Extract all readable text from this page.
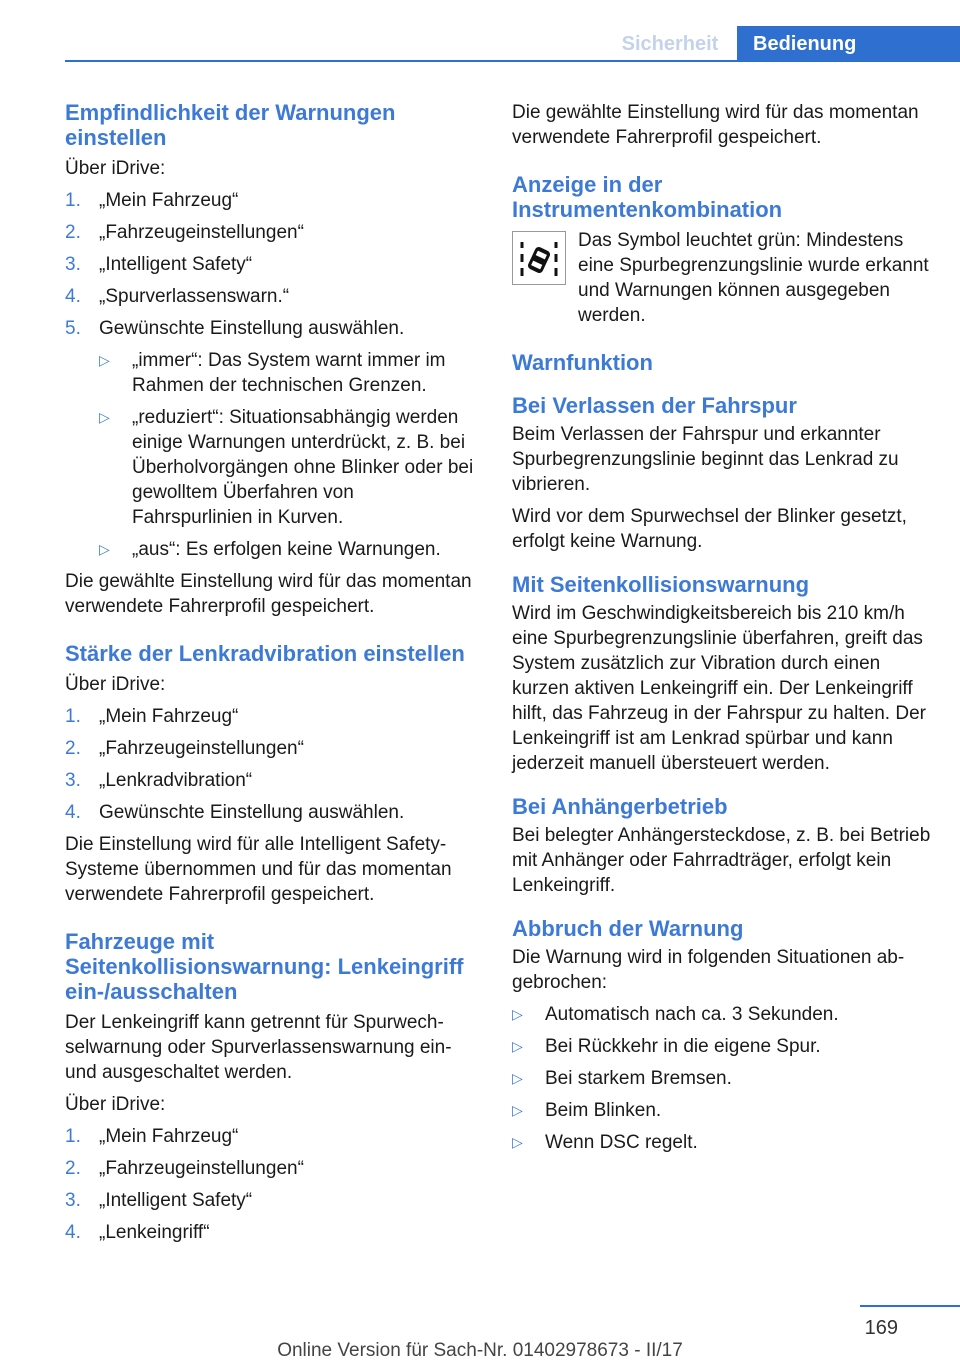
Sicherheit	Bedienung
Empfindlichkeit der Warnungen einstellen

Über iDrive:

1. „Mein Fahrzeug“
2. „Fahrzeugeinstellungen“
3. „Intelligent Safety“
4. „Spurverlassenswarn.“
5. Gewünschte Einstellung auswählen.
▷	„immer“: Das System warnt immer im Rahmen der technischen Grenzen.
▷	„reduziert“: Situationsabhängig werden einige Warnungen unterdrückt, z. B. bei Überholvorgängen ohne Blinker oder bei gewolltem Überfahren von Fahrspurlinien in Kurven.
▷	„aus“: Es erfolgen keine Warnungen.

Die gewählte Einstellung wird für das momentan verwendete Fahrerprofil gespeichert.

Stärke der Lenkradvibration einstellen

Über iDrive:

1. „Mein Fahrzeug“
2. „Fahrzeugeinstellungen“
3. „Lenkradvibration“
4. Gewünschte Einstellung auswählen.

Die Einstellung wird für alle Intelligent Safety-Systeme übernommen und für das momentan verwendete Fahrerprofil gespeichert.

Fahrzeuge mit Seitenkollisionswarnung: Lenkeingriff ein-/ausschalten

Der Lenkeingriff kann getrennt für Spurwechselwarnung oder Spurverlassenswarnung ein- und ausgeschaltet werden.

Über iDrive:

1. „Mein Fahrzeug“
2. „Fahrzeugeinstellungen“
3. „Intelligent Safety“
4. „Lenkeingriff“

Die gewählte Einstellung wird für das momentan verwendete Fahrerprofil gespeichert.

Anzeige in der Instrumentenkombination
Das Symbol leuchtet grün: Mindestens eine Spurbegrenzungslinie wurde erkannt und Warnungen können ausgegeben werden.
Warnfunktion
Bei Verlassen der Fahrspur

Beim Verlassen der Fahrspur und erkannter Spurbegrenzungslinie beginnt das Lenkrad zu vibrieren.

Wird vor dem Spurwechsel der Blinker gesetzt, erfolgt keine Warnung.

Mit Seitenkollisionswarnung

Wird im Geschwindigkeitsbereich bis 210 km/h eine Spurbegrenzungslinie überfahren, greift das System zusätzlich zur Vibration durch einen kurzen aktiven Lenkeingriff ein. Der Lenkeingriff hilft, das Fahrzeug in der Fahrspur zu halten. Der Lenkeingriff ist am Lenkrad spürbar und kann jederzeit manuell übersteuert werden.

Bei Anhängerbetrieb

Bei belegter Anhängersteckdose, z. B. bei Betrieb mit Anhänger oder Fahrradträger, erfolgt kein Lenkeingriff.

Abbruch der Warnung

Die Warnung wird in folgenden Situationen abgebrochen:

▷	Automatisch nach ca. 3 Sekunden.
▷	Bei Rückkehr in die eigene Spur.
▷	Bei starkem Bremsen.
▷	Beim Blinken.
▷	Wenn DSC regelt.
169
Online Version für Sach-Nr. 01402978673 - II/17
